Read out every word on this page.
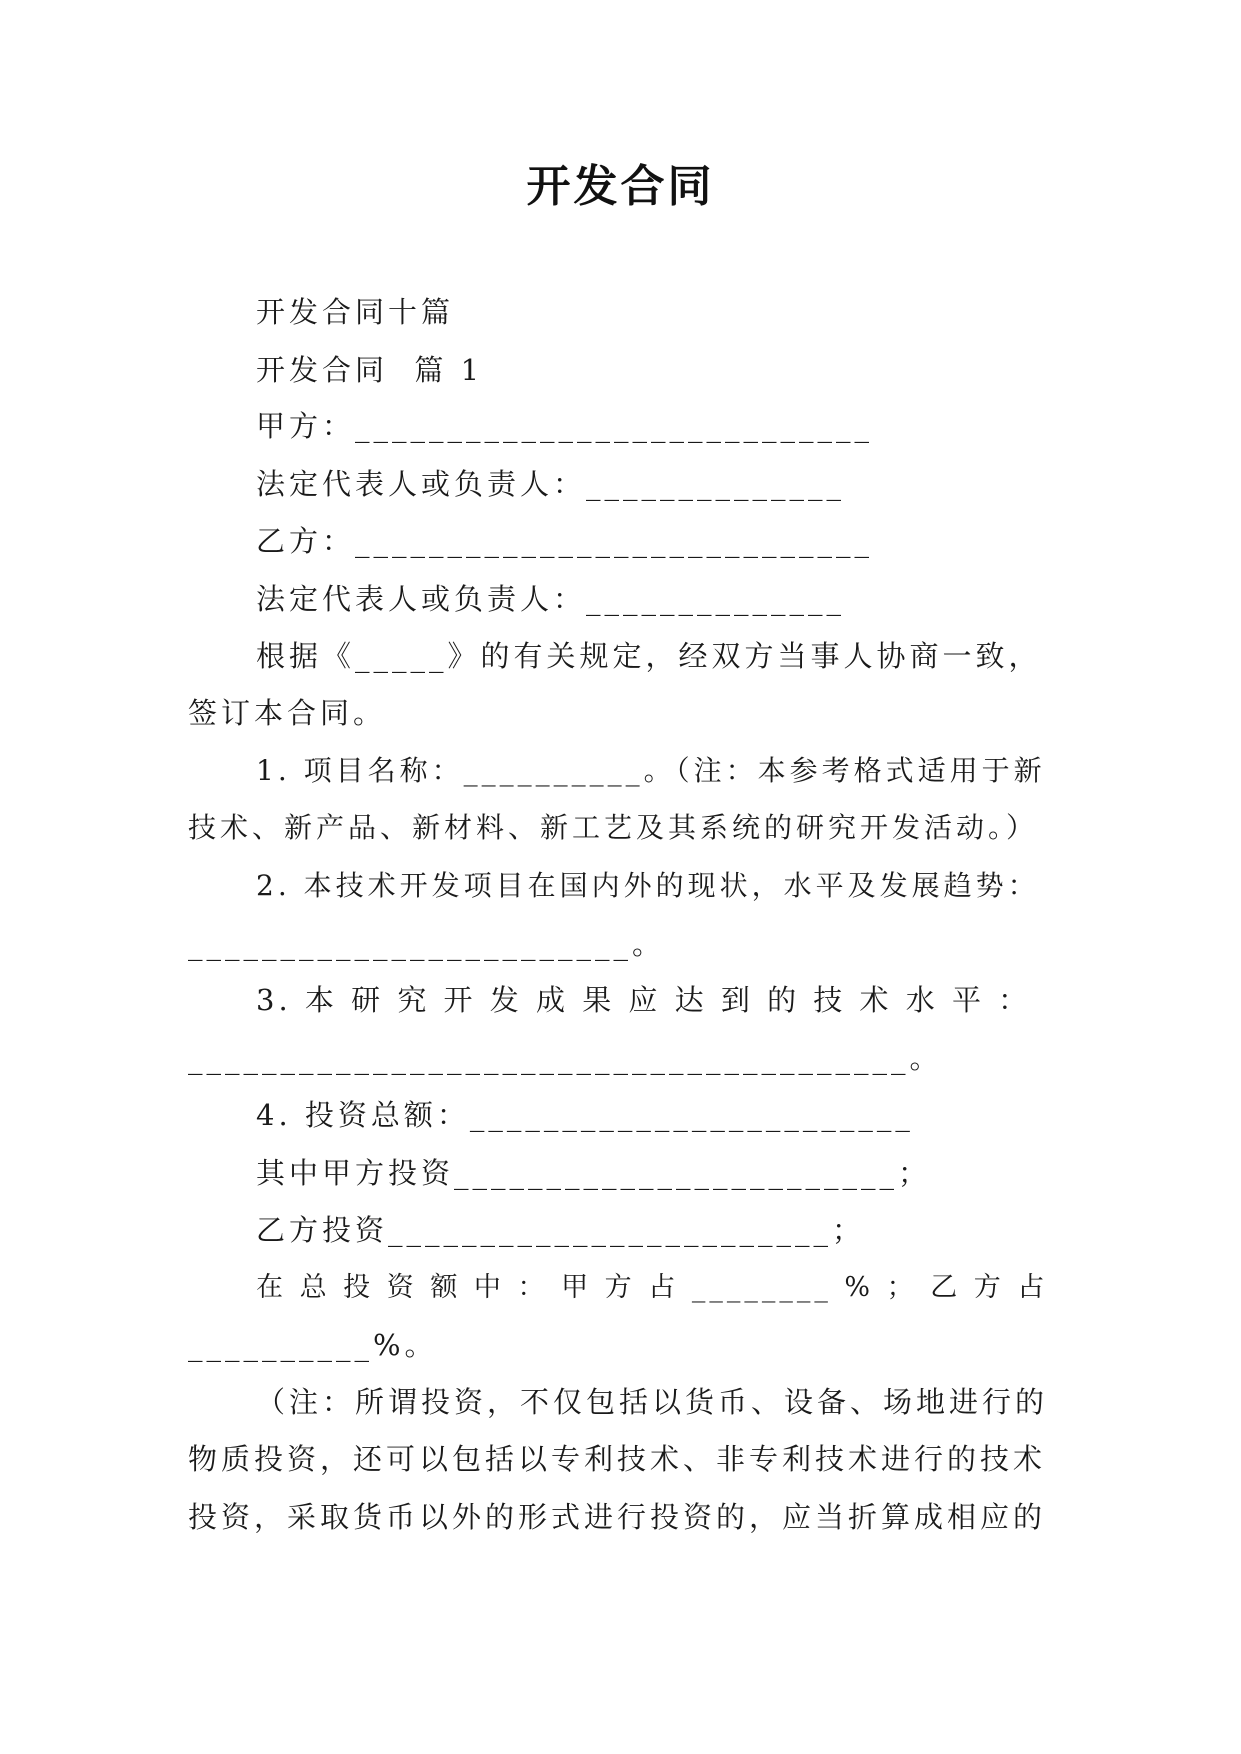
开发合同
开发合同十篇
开发合同  篇 1
甲方：____________________________
法定代表人或负责人：______________
乙方：____________________________
法定代表人或负责人：______________
根据《_____》的有关规定，经双方当事人协商一致，
签订本合同。
1. 项目名称：__________。（注：本参考格式适用于新
技术、新产品、新材料、新工艺及其系统的研究开发活动。）
2. 本技术开发项目在国内外的现状，水平及发展趋势：
________________________。
3. 本 研 究 开 发 成 果 应 达 到 的 技 术 水 平 ：
_______________________________________。
4. 投资总额：________________________
其中甲方投资________________________；
乙方投资________________________；
在 总 投 资 额 中 ： 甲 方 占 ________ % ； 乙 方 占
__________%。
（注：所谓投资，不仅包括以货币、设备、场地进行的
物质投资，还可以包括以专利技术、非专利技术进行的技术
投资，采取货币以外的形式进行投资的，应当折算成相应的
